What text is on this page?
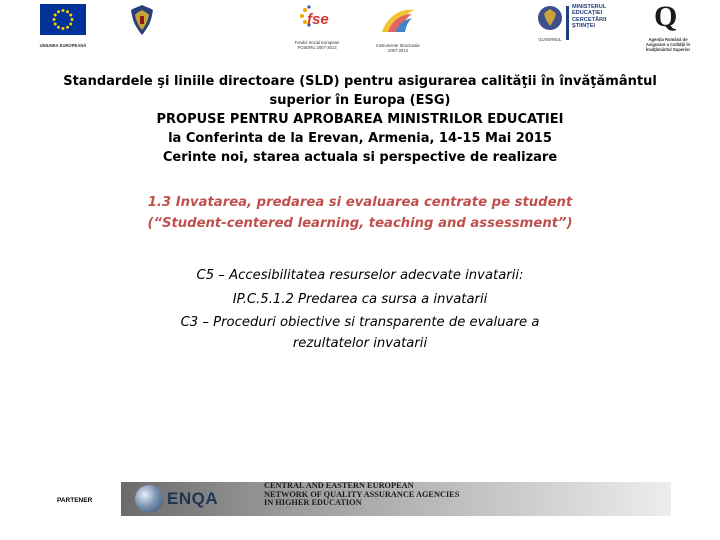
UNIUNEA EUROPEANĂ
fse
Fondul Social European
POSDRU 2007-2013	Instrumente Structurale
2007-2013
GUVERNUL
MINISTERUL
EDUCAŢIEI
CERCETĂRII
ŞTIINŢEI	Q
Agenţia Română de
Asigurare a Calităţii în
Învăţământul Superior
Standardele şi liniile directoare (SLD) pentru asigurarea calităţii în învăţământul
superior în Europa (ESG)
PROPUSE PENTRU APROBAREA MINISTRILOR EDUCATIEI
la Conferinta de la Erevan, Armenia, 14-15 Mai 2015
Cerinte noi, starea actuala si perspective de realizare
1.3 Invatarea, predarea si evaluarea centrate pe student
(“Student-centered learning, teaching and assessment”)

C5 – Accesibilitatea resurselor adecvate invatarii:

IP.C.5.1.2 Predarea ca sursa a invatarii

C3 – Proceduri obiective si transparente de evaluare a

rezultatelor invatarii

PARTENER	ENQA
CENTRAL AND EASTERN EUROPEAN
NETWORK OF QUALITY ASSURANCE AGENCIES
IN HIGHER EDUCATION
